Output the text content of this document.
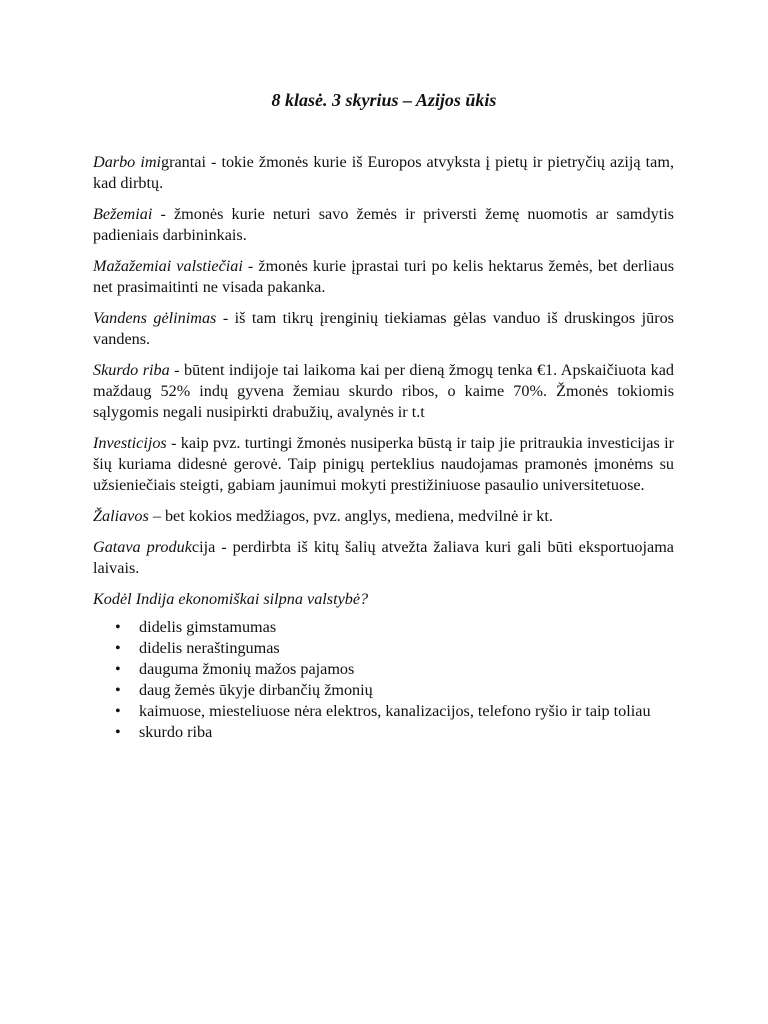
8 klasė. 3 skyrius – Azijos ūkis

Darbo imigrantai - tokie žmonės kurie iš Europos atvyksta į pietų ir pietryčių aziją tam, kad dirbtų.

Bežemiai - žmonės kurie neturi savo žemės ir priversti žemę nuomotis ar samdytis padieniais darbininkais.

Mažažemiai valstiečiai - žmonės kurie įprastai turi po kelis hektarus žemės, bet derliaus net prasimaitinti ne visada pakanka.

Vandens gėlinimas - iš tam tikrų įrenginių tiekiamas gėlas vanduo iš druskingos jūros vandens.

Skurdo riba - būtent indijoje tai laikoma kai per dieną žmogų tenka €1. Apskaičiuota kad maždaug 52% indų gyvena žemiau skurdo ribos, o kaime 70%. Žmonės tokiomis sąlygomis negali nusipirkti drabužių, avalynės ir t.t

Investicijos - kaip pvz. turtingi žmonės nusiperka būstą ir taip jie pritraukia investicijas ir šių kuriama didesnė gerovė. Taip pinigų perteklius naudojamas pramonės įmonėms su užsieniečiais steigti, gabiam jaunimui mokyti prestižiniuose pasaulio universitetuose.

Žaliavos – bet kokios medžiagos, pvz. anglys, mediena, medvilnė ir kt.

Gatava produkcija - perdirbta iš kitų šalių atvežta žaliava kuri gali būti eksportuojama laivais.

Kodėl Indija ekonomiškai silpna valstybė?

• didelis gimstamumas
• didelis neraštingumas
• dauguma žmonių mažos pajamos
• daug žemės ūkyje dirbančių žmonių
• kaimuose, miesteliuose nėra elektros, kanalizacijos, telefono ryšio ir taip toliau
• skurdo riba
